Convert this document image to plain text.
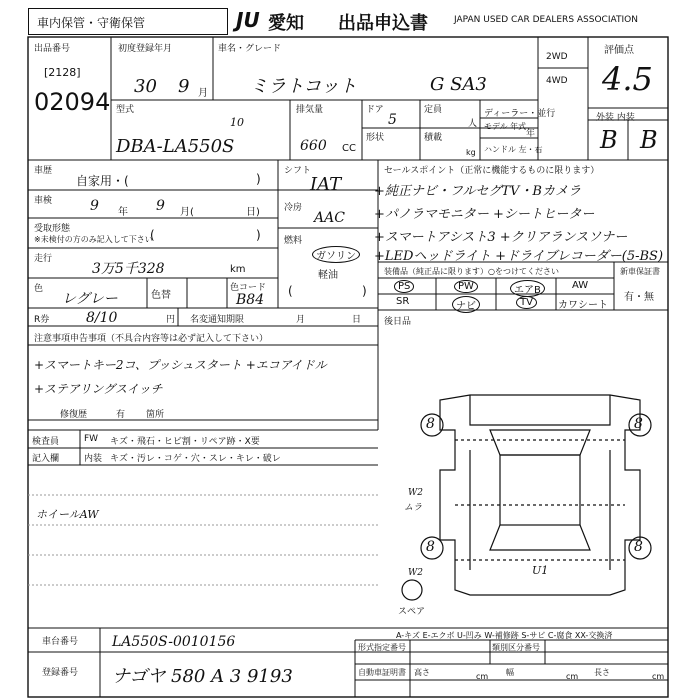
車内保管・守衛保管	JU 愛知 出品申込書	JAPAN USED CAR DEALERS ASSOCIATION
出品番号
[2128]
02094
初度登録年月
30 9 月
車名・グレード
ミラトコット	G SA3
2WD
4WD
評価点
4.5
外装 内装
B B
型式
DBA-LA550S
10
排気量
660 CC
ドア
5
定員
人
形状	積載
kg
ディーラー・並行
モデル 年式
年
ハンドル 左・右
車歴
自家用・(	)
車検	9 年 9 月(	日)
受取形態
※未検付の方のみ記入して下さい
(	)
走行
3万5千328	km
色
レグレー	色替
色コード
B84
シフト
IAT
冷房
AAC
燃料
ガソリン
軽油
(	)
セールスポイント（正常に機能するものに限ります）
+純正ナビ・フルセグTV・Bカメラ
+パノラマモニター +シートヒーター
+スマートアシスト3 +クリアランスソナー
+LEDヘッドライト +ドライブレコーダー(5-BS)
装備品（純正品に限ります）○をつけてください
PS	PW	エアB	AW
SR	ナビ	TV	カワシート
新車保証書
有・無
R券	8/10	円 名変通知期限	月	日	後日品
注意事項申告事項（不具合内容等は必ず記入して下さい）
+スマートキー2コ、プッシュスタート +エコアイドル
+ステアリングスイッチ
修復歴	有 箇所
検査員
記入欄
FW キズ・飛石・ヒビ割・リペア跡・X要
内装 キズ・汚レ・コゲ・穴・スレ・キレ・破レ
ホイールAW
8	8
8	8
W2
ムラ
W2	U1
スペア
A-キズ E-エクボ U-凹み W-補修跡 S-サビ C-腐食 XX-交換済
車台番号 LA550S-0010156
登録番号 ナゴヤ 580 A 3 9193
形式指定番号	類別区分番号
自動車証明書 高さ	cm 幅	cm 長さ	cm
